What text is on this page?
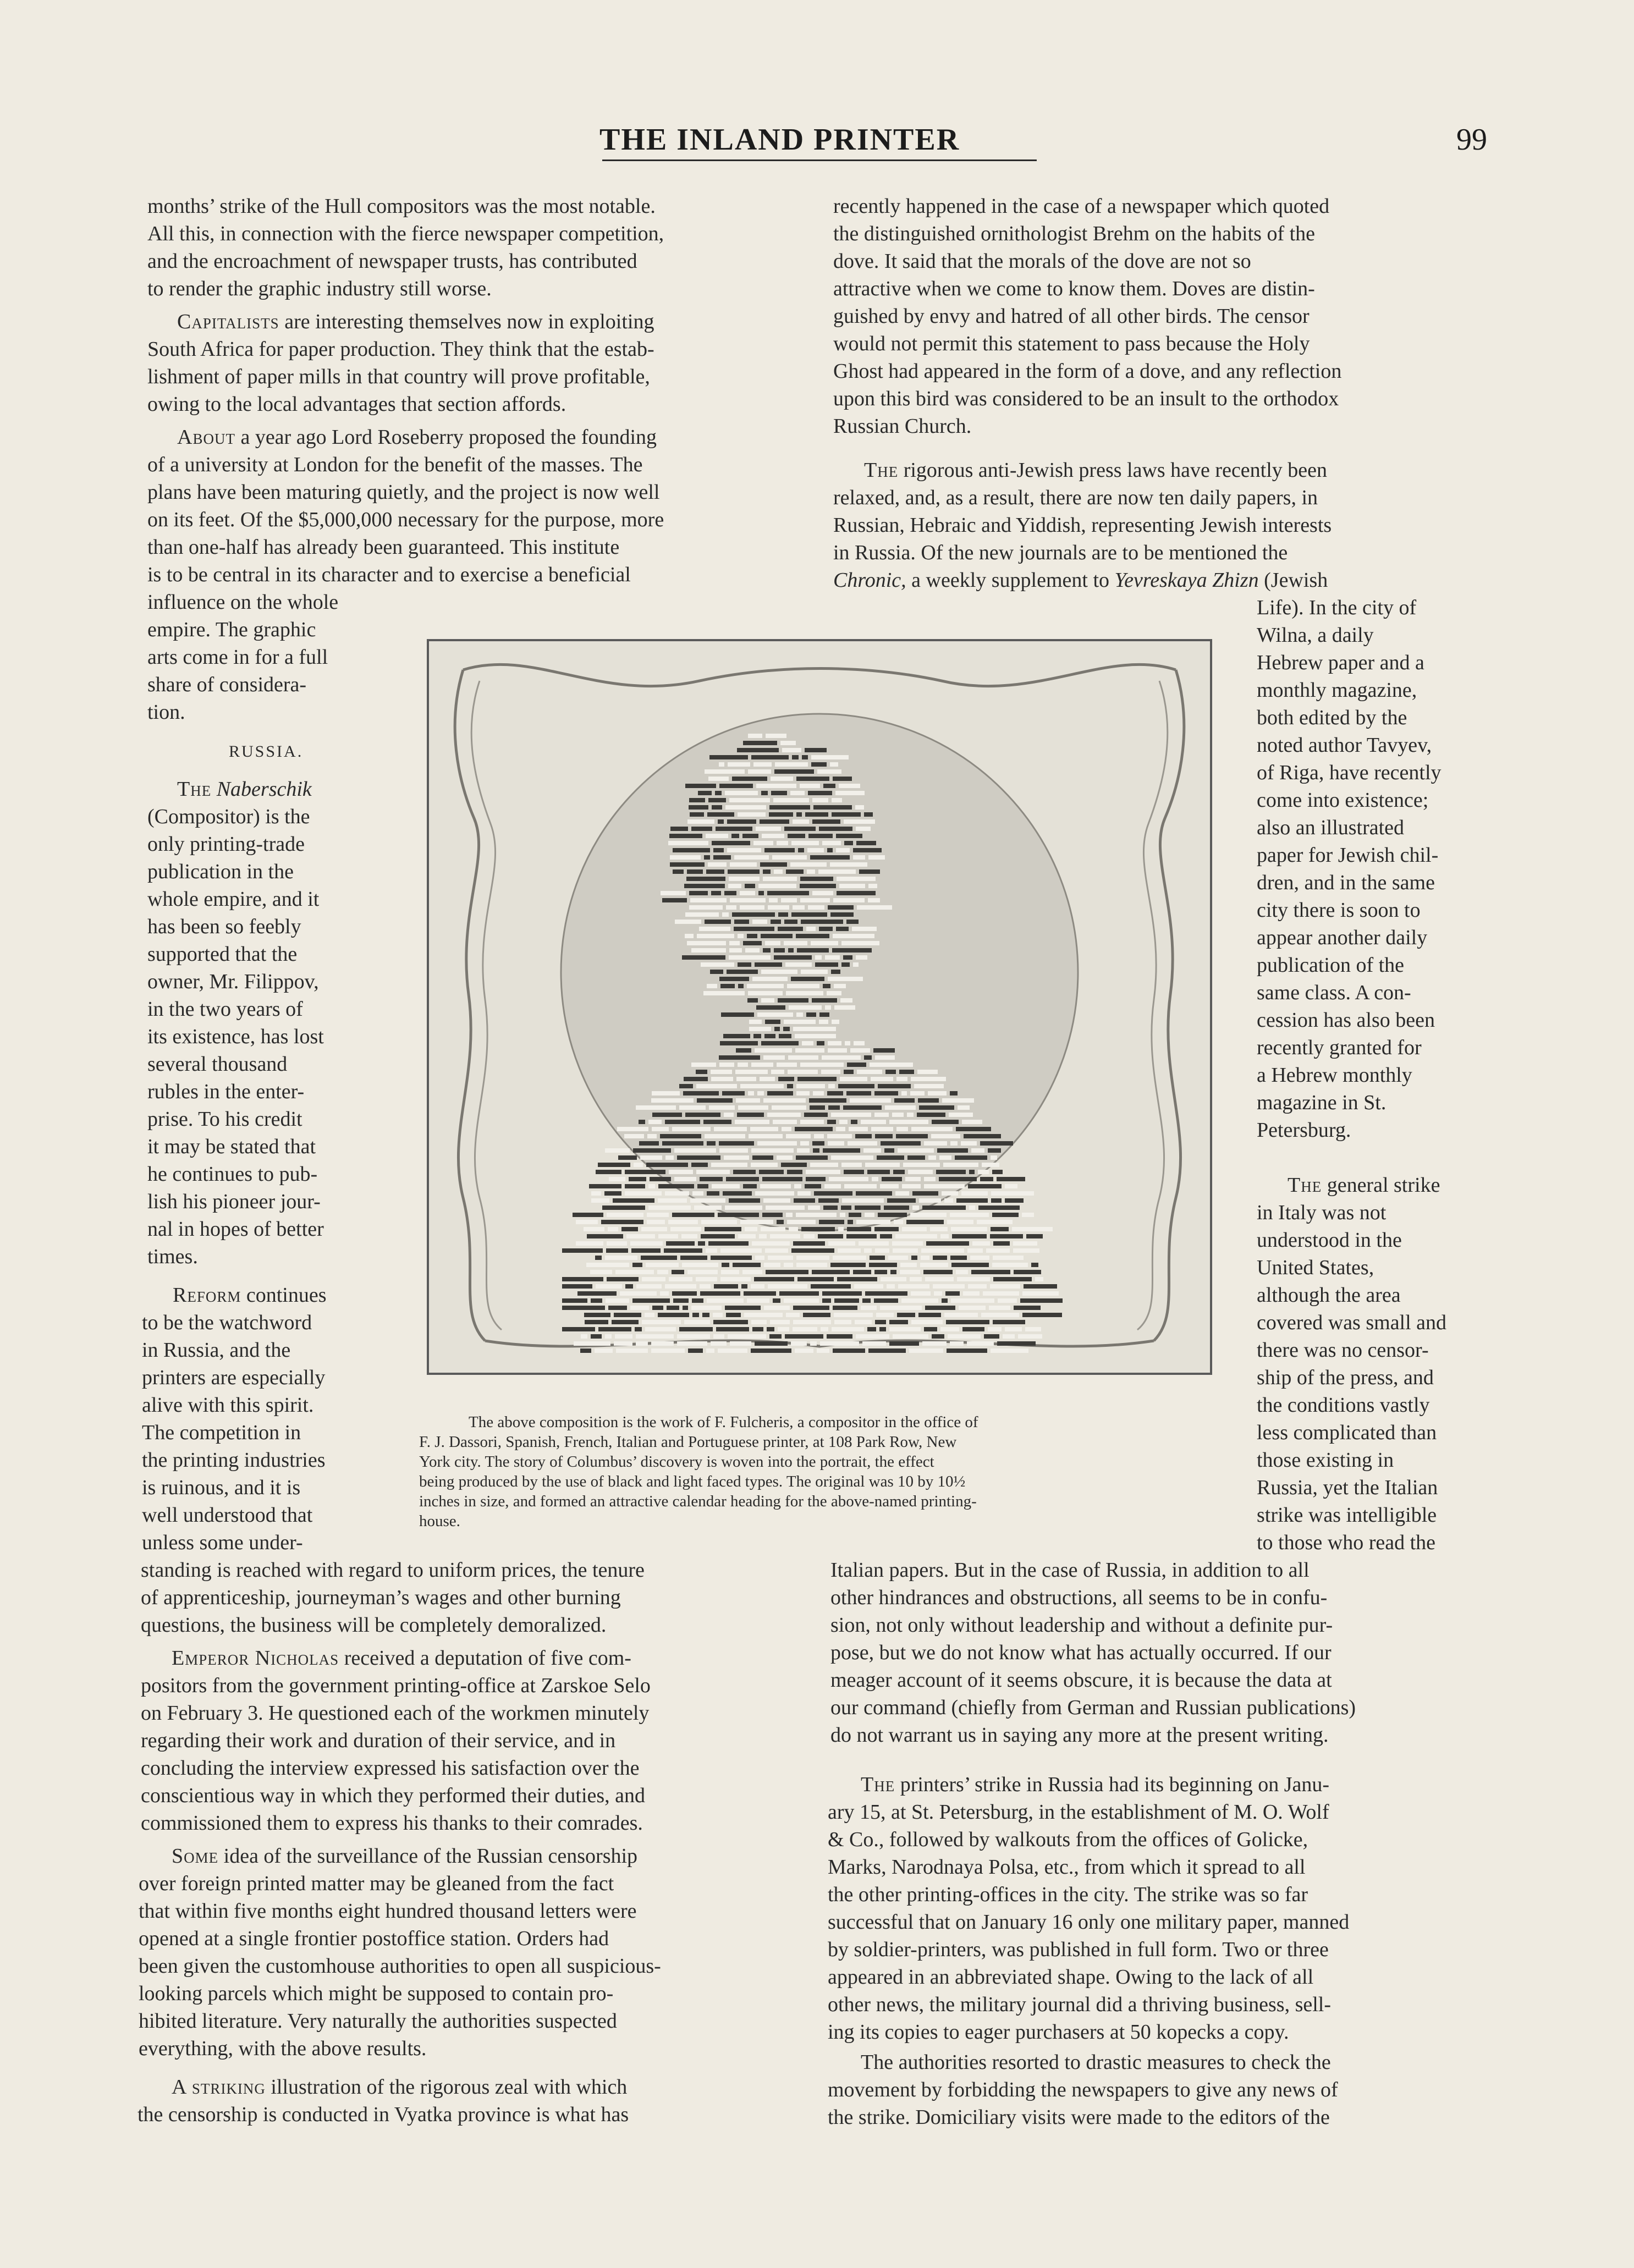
THE INLAND PRINTER	99
months’ strike of the Hull compositors was the most notable.
All this, in connection with the fierce newspaper competition,
and the encroachment of newspaper trusts, has contributed
to render the graphic industry still worse.
Capitalists are interesting themselves now in exploiting
South Africa for paper production. They think that the estab-
lishment of paper mills in that country will prove profitable,
owing to the local advantages that section affords.
About a year ago Lord Roseberry proposed the founding
of a university at London for the benefit of the masses. The
plans have been maturing quietly, and the project is now well
on its feet. Of the $5,000,000 necessary for the purpose, more
than one-half has already been guaranteed. This institute
is to be central in its character and to exercise a beneficial
influence on the whole
empire. The graphic
arts come in for a full
share of considera-
tion.
RUSSIA.
The Naberschik
(Compositor) is the
only printing-trade
publication in the
whole empire, and it
has been so feebly
supported that the
owner, Mr. Filippov,
in the two years of
its existence, has lost
several thousand
rubles in the enter-
prise. To his credit
it may be stated that
he continues to pub-
lish his pioneer jour-
nal in hopes of better
times.
Reform continues
to be the watchword
in Russia, and the
printers are especially
alive with this spirit.
The competition in
the printing industries
is ruinous, and it is
well understood that
unless some under-
standing is reached with regard to uniform prices, the tenure
of apprenticeship, journeyman’s wages and other burning
questions, the business will be completely demoralized.
Emperor Nicholas received a deputation of five com-
positors from the government printing-office at Zarskoe Selo
on February 3. He questioned each of the workmen minutely
regarding their work and duration of their service, and in
concluding the interview expressed his satisfaction over the
conscientious way in which they performed their duties, and
commissioned them to express his thanks to their comrades.
Some idea of the surveillance of the Russian censorship
over foreign printed matter may be gleaned from the fact
that within five months eight hundred thousand letters were
opened at a single frontier postoffice station. Orders had
been given the customhouse authorities to open all suspicious-
looking parcels which might be supposed to contain pro-
hibited literature. Very naturally the authorities suspected
everything, with the above results.
A striking illustration of the rigorous zeal with which
the censorship is conducted in Vyatka province is what has
recently happened in the case of a newspaper which quoted
the distinguished ornithologist Brehm on the habits of the
dove. It said that the morals of the dove are not so
attractive when we come to know them. Doves are distin-
guished by envy and hatred of all other birds. The censor
would not permit this statement to pass because the Holy
Ghost had appeared in the form of a dove, and any reflection
upon this bird was considered to be an insult to the orthodox
Russian Church.
The rigorous anti-Jewish press laws have recently been
relaxed, and, as a result, there are now ten daily papers, in
Russian, Hebraic and Yiddish, representing Jewish interests
in Russia. Of the new journals are to be mentioned the
Chronic, a weekly supplement to Yevreskaya Zhizn (Jewish
Life). In the city of
Wilna, a daily
Hebrew paper and a
monthly magazine,
both edited by the
noted author Tavyev,
of Riga, have recently
come into existence;
also an illustrated
paper for Jewish chil-
dren, and in the same
city there is soon to
appear another daily
publication of the
same class. A con-
cession has also been
recently granted for
a Hebrew monthly
magazine in St.
Petersburg.
The general strike
in Italy was not
understood in the
United States,
although the area
covered was small and
there was no censor-
ship of the press, and
the conditions vastly
less complicated than
those existing in
Russia, yet the Italian
strike was intelligible
to those who read the
Italian papers. But in the case of Russia, in addition to all
other hindrances and obstructions, all seems to be in confu-
sion, not only without leadership and without a definite pur-
pose, but we do not know what has actually occurred. If our
meager account of it seems obscure, it is because the data at
our command (chiefly from German and Russian publications)
do not warrant us in saying any more at the present writing.
The printers’ strike in Russia had its beginning on Janu-
ary 15, at St. Petersburg, in the establishment of M. O. Wolf
& Co., followed by walkouts from the offices of Golicke,
Marks, Narodnaya Polsa, etc., from which it spread to all
the other printing-offices in the city. The strike was so far
successful that on January 16 only one military paper, manned
by soldier-printers, was published in full form. Two or three
appeared in an abbreviated shape. Owing to the lack of all
other news, the military journal did a thriving business, sell-
ing its copies to eager purchasers at 50 kopecks a copy.
The authorities resorted to drastic measures to check the
movement by forbidding the newspapers to give any news of
the strike. Domiciliary visits were made to the editors of the
The above composition is the work of F. Fulcheris, a compositor in the office of
F. J. Dassori, Spanish, French, Italian and Portuguese printer, at 108 Park Row, New
York city. The story of Columbus’ discovery is woven into the portrait, the effect
being produced by the use of black and light faced types. The original was 10 by 10½
inches in size, and formed an attractive calendar heading for the above-named printing-
house.
